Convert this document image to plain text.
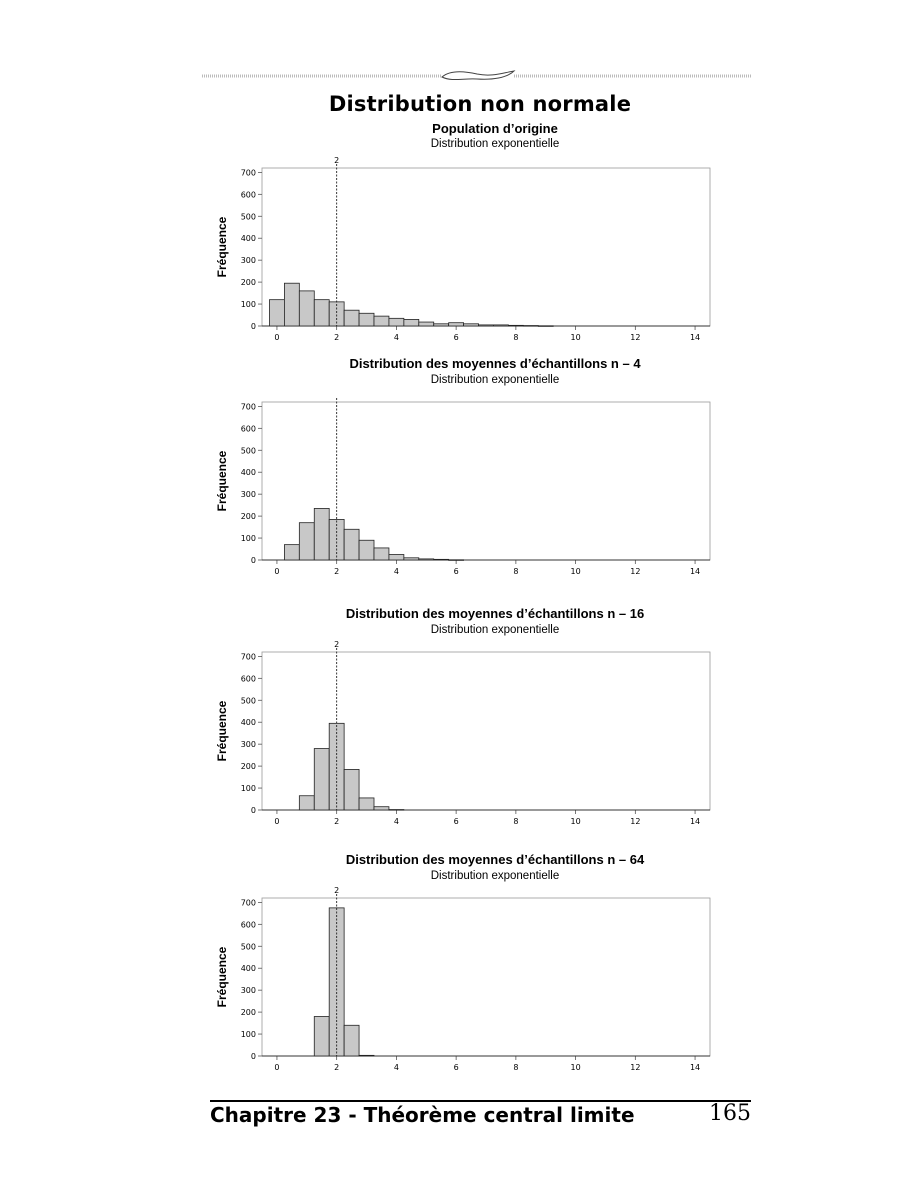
Distribution non normale
Population d’origine
Distribution exponentielle
0
100
200
300
400
500
600
700
0	2	4	6	8	10	12	14
Fréquence
2
Distribution des moyennes d’échantillons n – 4
Distribution exponentielle
0
100
200
300
400
500
600
700
0	2	4	6	8	10	12	14
Fréquence
Distribution des moyennes d’échantillons n – 16
Distribution exponentielle
0
100
200
300
400
500
600
700
0	2	4	6	8	10	12	14
Fréquence
2
Distribution des moyennes d’échantillons n – 64
Distribution exponentielle
0
100
200
300
400
500
600
700
0	2	4	6	8	10	12	14
Fréquence
2
Chapitre 23 - Théorème central limite	165
